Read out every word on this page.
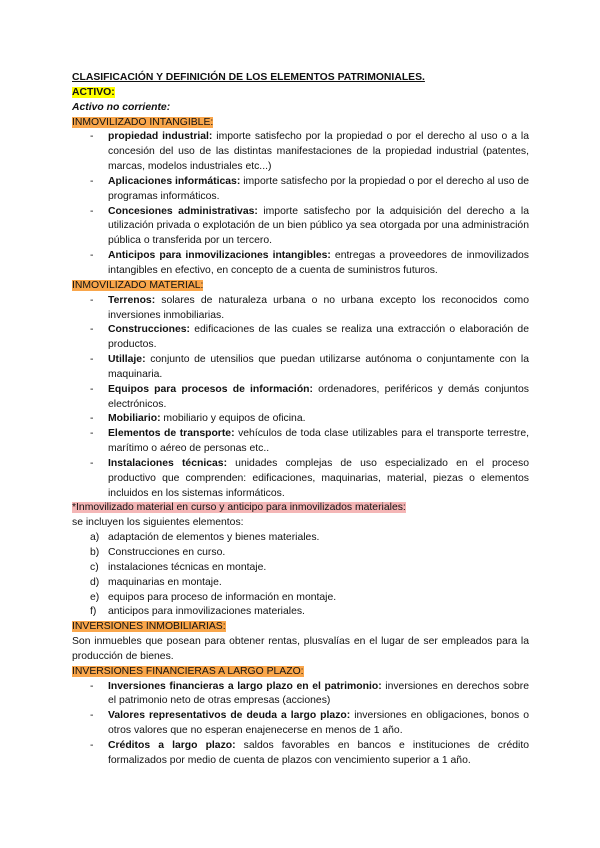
CLASIFICACIÓN Y DEFINICIÓN DE LOS ELEMENTOS PATRIMONIALES.
ACTIVO:
Activo no corriente:
INMOVILIZADO INTANGIBLE:
- propiedad industrial: importe satisfecho por la propiedad o por el derecho al uso o a la concesión del uso de las distintas manifestaciones de la propiedad industrial (patentes, marcas, modelos industriales etc...)
- Aplicaciones informáticas: importe satisfecho por la propiedad o por el derecho al uso de programas informáticos.
- Concesiones administrativas: importe satisfecho por la adquisición del derecho a la utilización privada o explotación de un bien público ya sea otorgada por una administración pública o transferida por un tercero.
- Anticipos para inmovilizaciones intangibles: entregas a proveedores de inmovilizados intangibles en efectivo, en concepto de a cuenta de suministros futuros.
INMOVILIZADO MATERIAL:
- Terrenos: solares de naturaleza urbana o no urbana excepto los reconocidos como inversiones inmobiliarias.
- Construcciones: edificaciones de las cuales se realiza una extracción o elaboración de productos.
- Utillaje: conjunto de utensilios que puedan utilizarse autónoma o conjuntamente con la maquinaria.
- Equipos para procesos de información: ordenadores, periféricos y demás conjuntos electrónicos.
- Mobiliario: mobiliario y equipos de oficina.
- Elementos de transporte: vehículos de toda clase utilizables para el transporte terrestre, marítimo o aéreo de personas etc..
- Instalaciones técnicas: unidades complejas de uso especializado en el proceso productivo que comprenden: edificaciones, maquinarias, material, piezas o elementos incluidos en los sistemas informáticos.
*Inmovilizado material en curso y anticipo para inmovilizados materiales:
se incluyen los siguientes elementos:
a) adaptación de elementos y bienes materiales.
b) Construcciones en curso.
c) instalaciones técnicas en montaje.
d) maquinarias en montaje.
e) equipos para proceso de información en montaje.
f) anticipos para inmovilizaciones materiales.
INVERSIONES INMOBILIARIAS:

Son inmuebles que posean para obtener rentas, plusvalías en el lugar de ser empleados para la producción de bienes.

INVERSIONES FINANCIERAS A LARGO PLAZO:
- Inversiones financieras a largo plazo en el patrimonio: inversiones en derechos sobre el patrimonio neto de otras empresas (acciones)
- Valores representativos de deuda a largo plazo: inversiones en obligaciones, bonos o otros valores que no esperan enajenecerse en menos de 1 año.
- Créditos a largo plazo: saldos favorables en bancos e instituciones de crédito formalizados por medio de cuenta de plazos con vencimiento superior a 1 año.
